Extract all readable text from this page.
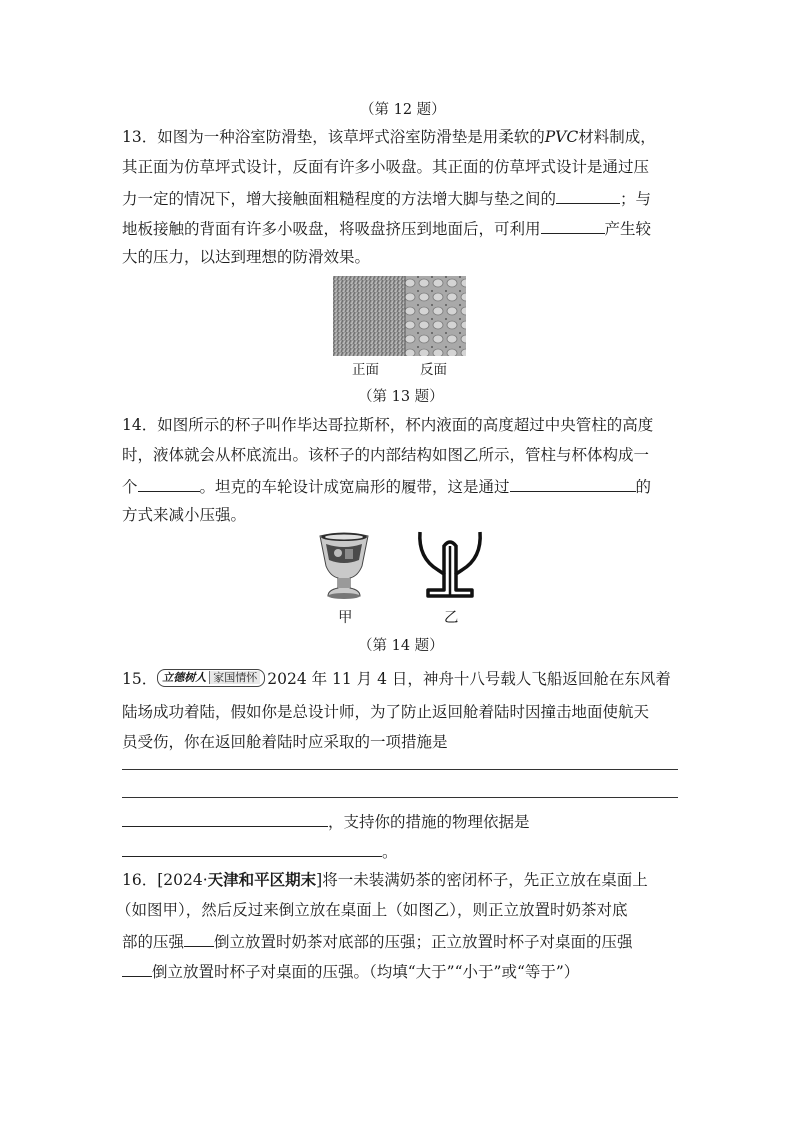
（第 12 题）
13．如图为一种浴室防滑垫，该草坪式浴室防滑垫是用柔软的PVC材料制成，
其正面为仿草坪式设计，反面有许多小吸盘。其正面的仿草坪式设计是通过压
力一定的情况下，增大接触面粗糙程度的方法增大脚与垫之间的	；与
地板接触的背面有许多小吸盘，将吸盘挤压到地面后，可利用	产生较
大的压力，以达到理想的防滑效果。
正面	反面
（第 13 题）
14．如图所示的杯子叫作毕达哥拉斯杯，杯内液面的高度超过中央管柱的高度
时，液体就会从杯底流出。该杯子的内部结构如图乙所示，管柱与杯体构成一
个	。坦克的车轮设计成宽扁形的履带，这是通过	的
方式来减小压强。
甲	乙
（第 14 题）
15． 立德树人 家国情怀 2024 年 11 月 4 日，神舟十八号载人飞船返回舱在东风着
陆场成功着陆，假如你是总设计师，为了防止返回舱着陆时因撞击地面使航天
员受伤，你在返回舱着陆时应采取的一项措施是
，支持你的措施的物理依据是
。
16．[2024·天津和平区期末]将一未装满奶茶的密闭杯子，先正立放在桌面上
（如图甲），然后反过来倒立放在桌面上（如图乙），则正立放置时奶茶对底
部的压强 倒立放置时奶茶对底部的压强；正立放置时杯子对桌面的压强
倒立放置时杯子对桌面的压强。（均填“大于”“小于”或“等于”）
